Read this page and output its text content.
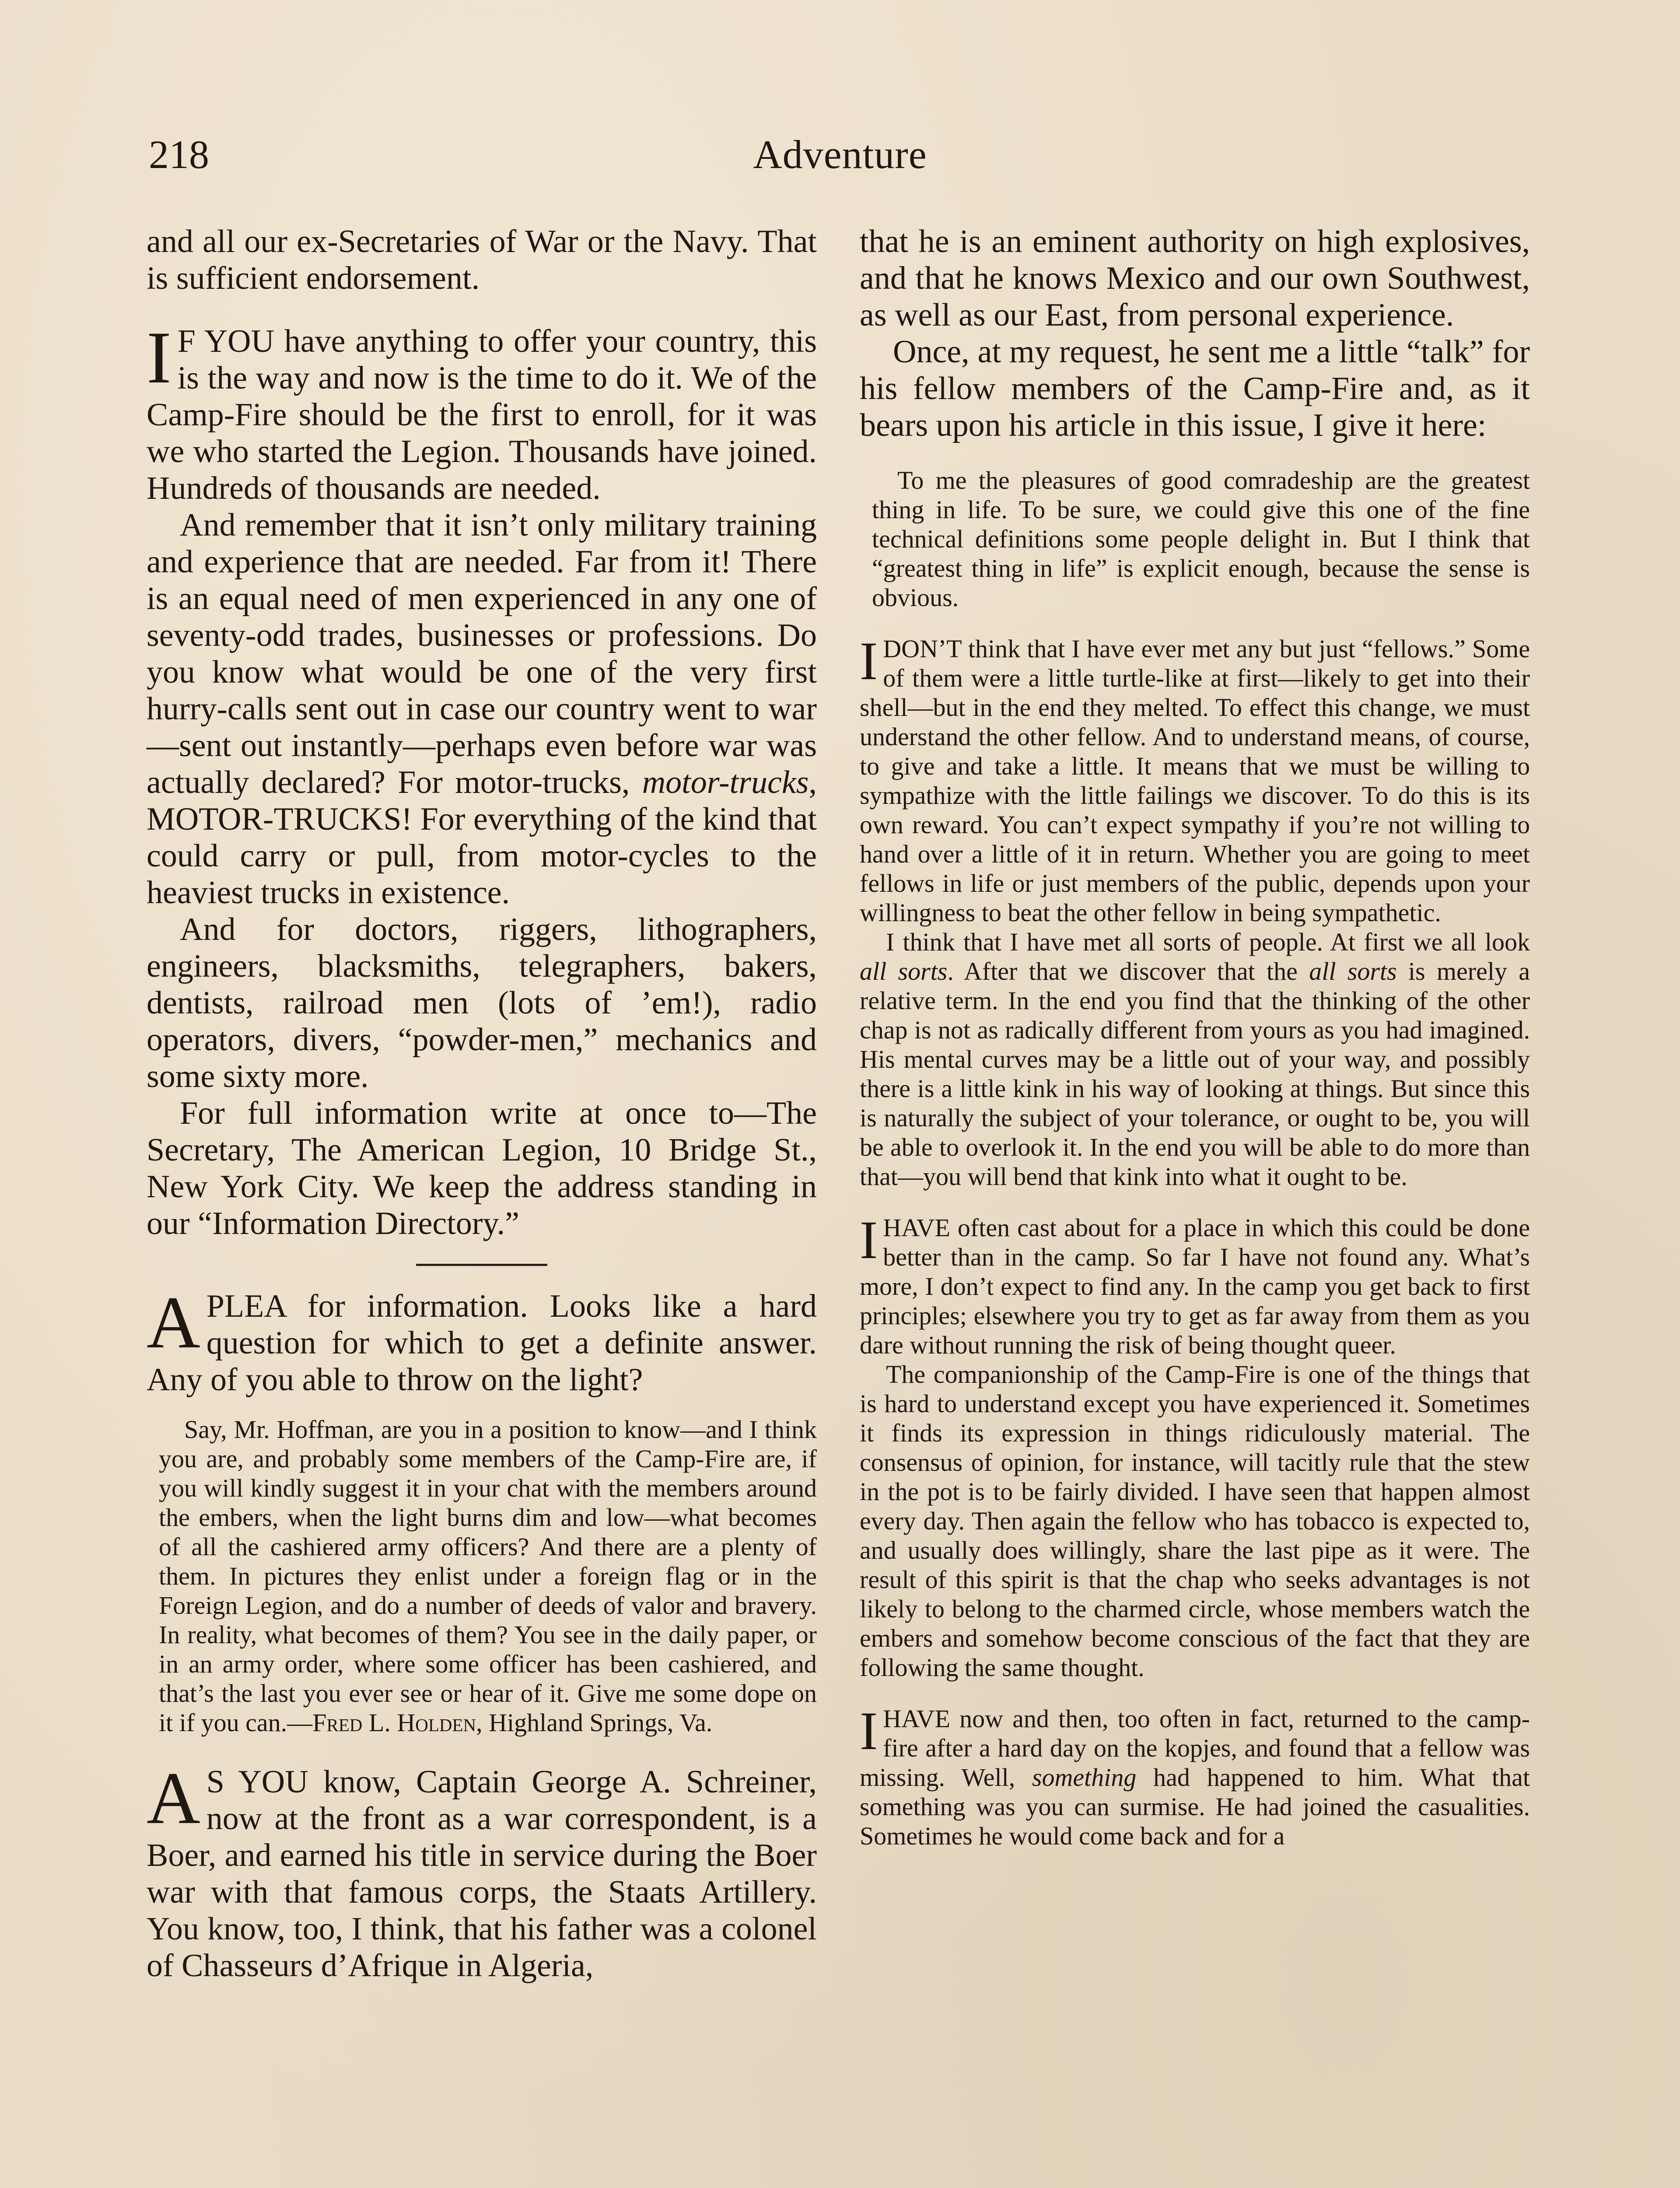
218	Adventure

and all our ex-Secretaries of War or the Navy. That is sufficient endorsement.

I F YOU have anything to offer your country, this is the way and now is the time to do it. We of the Camp-Fire should be the first to enroll, for it was we who started the Legion. Thousands have joined. Hundreds of thousands are needed.

And remember that it isn’t only military training and experience that are needed. Far from it! There is an equal need of men experienced in any one of seventy-odd trades, businesses or professions. Do you know what would be one of the very first hurry-calls sent out in case our country went to war—sent out instantly—perhaps even before war was actually declared? For motor-trucks, motor-trucks, MOTOR-TRUCKS! For everything of the kind that could carry or pull, from motor-cycles to the heaviest trucks in existence.

And for doctors, riggers, lithographers, engineers, blacksmiths, telegraphers, bakers, dentists, railroad men (lots of ’em!), radio operators, divers, “powder-men,” mechanics and some sixty more.

For full information write at once to—The Secretary, The American Legion, 10 Bridge St., New York City. We keep the address standing in our “Information Directory.”

APLEA for information. Looks like a hard question for which to get a definite answer. Any of you able to throw on the light?

Say, Mr. Hoffman, are you in a position to know—and I think you are, and probably some members of the Camp-Fire are, if you will kindly suggest it in your chat with the members around the embers, when the light burns dim and low—what becomes of all the cashiered army officers? And there are a plenty of them. In pictures they enlist under a foreign flag or in the Foreign Legion, and do a number of deeds of valor and bravery. In reality, what becomes of them? You see in the daily paper, or in an army order, where some officer has been cashiered, and that’s the last you ever see or hear of it. Give me some dope on it if you can.—Fred L. Holden, Highland Springs, Va.

A S YOU know, Captain George A. Schreiner, now at the front as a war correspondent, is a Boer, and earned his title in service during the Boer war with that famous corps, the Staats Artillery. You know, too, I think, that his father was a colonel of Chasseurs d’Afrique in Algeria,

that he is an eminent authority on high explosives, and that he knows Mexico and our own Southwest, as well as our East, from personal experience.

Once, at my request, he sent me a little “talk” for his fellow members of the Camp-Fire and, as it bears upon his article in this issue, I give it here:

To me the pleasures of good comradeship are the greatest thing in life. To be sure, we could give this one of the fine technical definitions some people delight in. But I think that “greatest thing in life” is explicit enough, because the sense is obvious.

IDON’T think that I have ever met any but just “fellows.” Some of them were a little turtle-like at first—likely to get into their shell—but in the end they melted. To effect this change, we must understand the other fellow. And to understand means, of course, to give and take a little. It means that we must be willing to sympathize with the little failings we discover. To do this is its own reward. You can’t expect sympathy if you’re not willing to hand over a little of it in return. Whether you are going to meet fellows in life or just members of the public, depends upon your willingness to beat the other fellow in being sympathetic.

I think that I have met all sorts of people. At first we all look all sorts. After that we discover that the all sorts is merely a relative term. In the end you find that the thinking of the other chap is not as radically different from yours as you had imagined. His mental curves may be a little out of your way, and possibly there is a little kink in his way of looking at things. But since this is naturally the subject of your tolerance, or ought to be, you will be able to overlook it. In the end you will be able to do more than that—you will bend that kink into what it ought to be.

IHAVE often cast about for a place in which this could be done better than in the camp. So far I have not found any. What’s more, I don’t expect to find any. In the camp you get back to first principles; elsewhere you try to get as far away from them as you dare without running the risk of being thought queer.

The companionship of the Camp-Fire is one of the things that is hard to understand except you have experienced it. Sometimes it finds its expression in things ridiculously material. The consensus of opinion, for instance, will tacitly rule that the stew in the pot is to be fairly divided. I have seen that happen almost every day. Then again the fellow who has tobacco is expected to, and usually does willingly, share the last pipe as it were. The result of this spirit is that the chap who seeks advantages is not likely to belong to the charmed circle, whose members watch the embers and somehow become conscious of the fact that they are following the same thought.

IHAVE now and then, too often in fact, returned to the camp-fire after a hard day on the kopjes, and found that a fellow was missing. Well, something had happened to him. What that something was you can surmise. He had joined the casualities. Sometimes he would come back and for a
